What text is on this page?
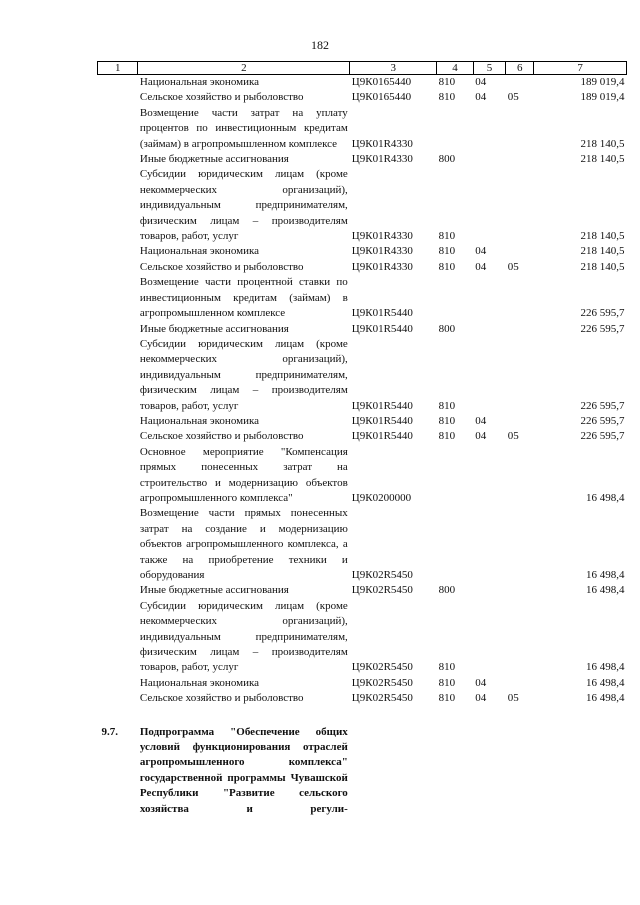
182
1	2	3	4	5	6	7
	Национальная экономика	Ц9К0165440	810	04		189 019,4
	Сельское хозяйство и рыболовство	Ц9К0165440	810	04	05	189 019,4
	Возмещение части затрат на уплату процентов по инвестиционным кредитам (займам) в агропромышленном комплексе	Ц9К01R4330				218 140,5
	Иные бюджетные ассигнования	Ц9К01R4330	800			218 140,5
	Субсидии юридическим лицам (кроме некоммерческих организаций), индивидуальным предпринимателям, физическим лицам – производителям товаров, работ, услуг	Ц9К01R4330	810			218 140,5
	Национальная экономика	Ц9К01R4330	810	04		218 140,5
	Сельское хозяйство и рыболовство	Ц9К01R4330	810	04	05	218 140,5
	Возмещение части процентной ставки по инвестиционным кредитам (займам) в агропромышленном комплексе	Ц9К01R5440				226 595,7
	Иные бюджетные ассигнования	Ц9К01R5440	800			226 595,7
	Субсидии юридическим лицам (кроме некоммерческих организаций), индивидуальным предпринимателям, физическим лицам – производителям товаров, работ, услуг	Ц9К01R5440	810			226 595,7
	Национальная экономика	Ц9К01R5440	810	04		226 595,7
	Сельское хозяйство и рыболовство	Ц9К01R5440	810	04	05	226 595,7
	Основное мероприятие "Компенсация прямых понесенных затрат на строительство и модернизацию объектов агропромышленного комплекса"	Ц9К0200000				16 498,4
	Возмещение части прямых понесенных затрат на создание и модернизацию объектов агропромышленного комплекса, а также на приобретение техники и оборудования	Ц9К02R5450				16 498,4
	Иные бюджетные ассигнования	Ц9К02R5450	800			16 498,4
	Субсидии юридическим лицам (кроме некоммерческих организаций), индивидуальным предпринимателям, физическим лицам – производителям товаров, работ, услуг	Ц9К02R5450	810			16 498,4
	Национальная экономика	Ц9К02R5450	810	04		16 498,4
	Сельское хозяйство и рыболовство	Ц9К02R5450	810	04	05	16 498,4

9.7.	Подпрограмма "Обеспечение общих условий функционирования отраслей агропромышленного комплекса" государственной программы Чувашской Республики "Развитие сельского хозяйства и регули-					
